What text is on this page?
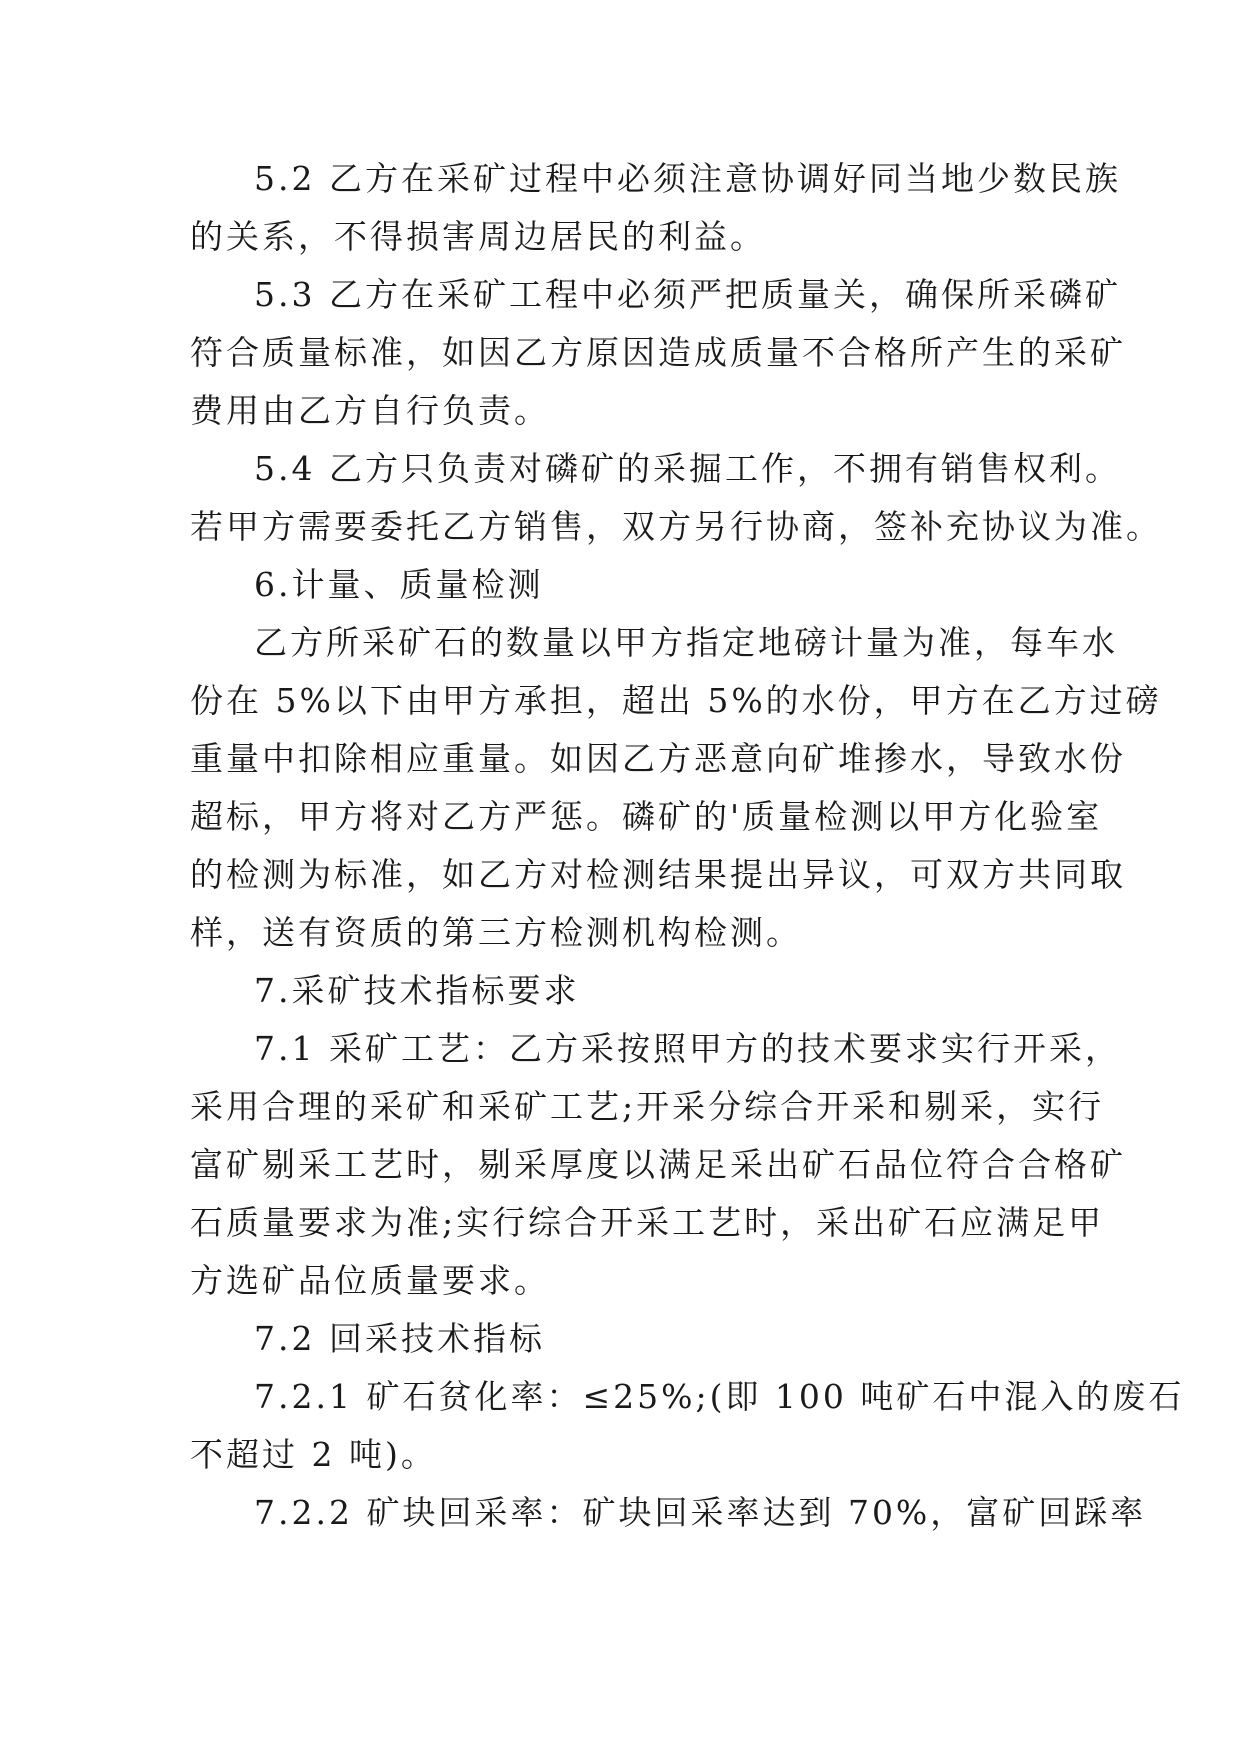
5.2 乙方在采矿过程中必须注意协调好同当地少数民族
的关系，不得损害周边居民的利益。

5.3 乙方在采矿工程中必须严把质量关，确保所采磷矿
符合质量标准，如因乙方原因造成质量不合格所产生的采矿
费用由乙方自行负责。

5.4 乙方只负责对磷矿的采掘工作，不拥有销售权利。
若甲方需要委托乙方销售，双方另行协商，签补充协议为准。

6.计量、质量检测

乙方所采矿石的数量以甲方指定地磅计量为准，每车水
份在 5%以下由甲方承担，超出 5%的水份，甲方在乙方过磅
重量中扣除相应重量。如因乙方恶意向矿堆掺水，导致水份
超标，甲方将对乙方严惩。磷矿的'质量检测以甲方化验室
的检测为标准，如乙方对检测结果提出异议，可双方共同取
样，送有资质的第三方检测机构检测。

7.采矿技术指标要求

7.1 采矿工艺：乙方采按照甲方的技术要求实行开采，
采用合理的采矿和采矿工艺;开采分综合开采和剔采，实行
富矿剔采工艺时，剔采厚度以满足采出矿石品位符合合格矿
石质量要求为准;实行综合开采工艺时，采出矿石应满足甲
方选矿品位质量要求。

7.2 回采技术指标

7.2.1 矿石贫化率：≤25%;(即 100 吨矿石中混入的废石
不超过 2 吨)。

7.2.2 矿块回采率：矿块回采率达到 70%，富矿回踩率
